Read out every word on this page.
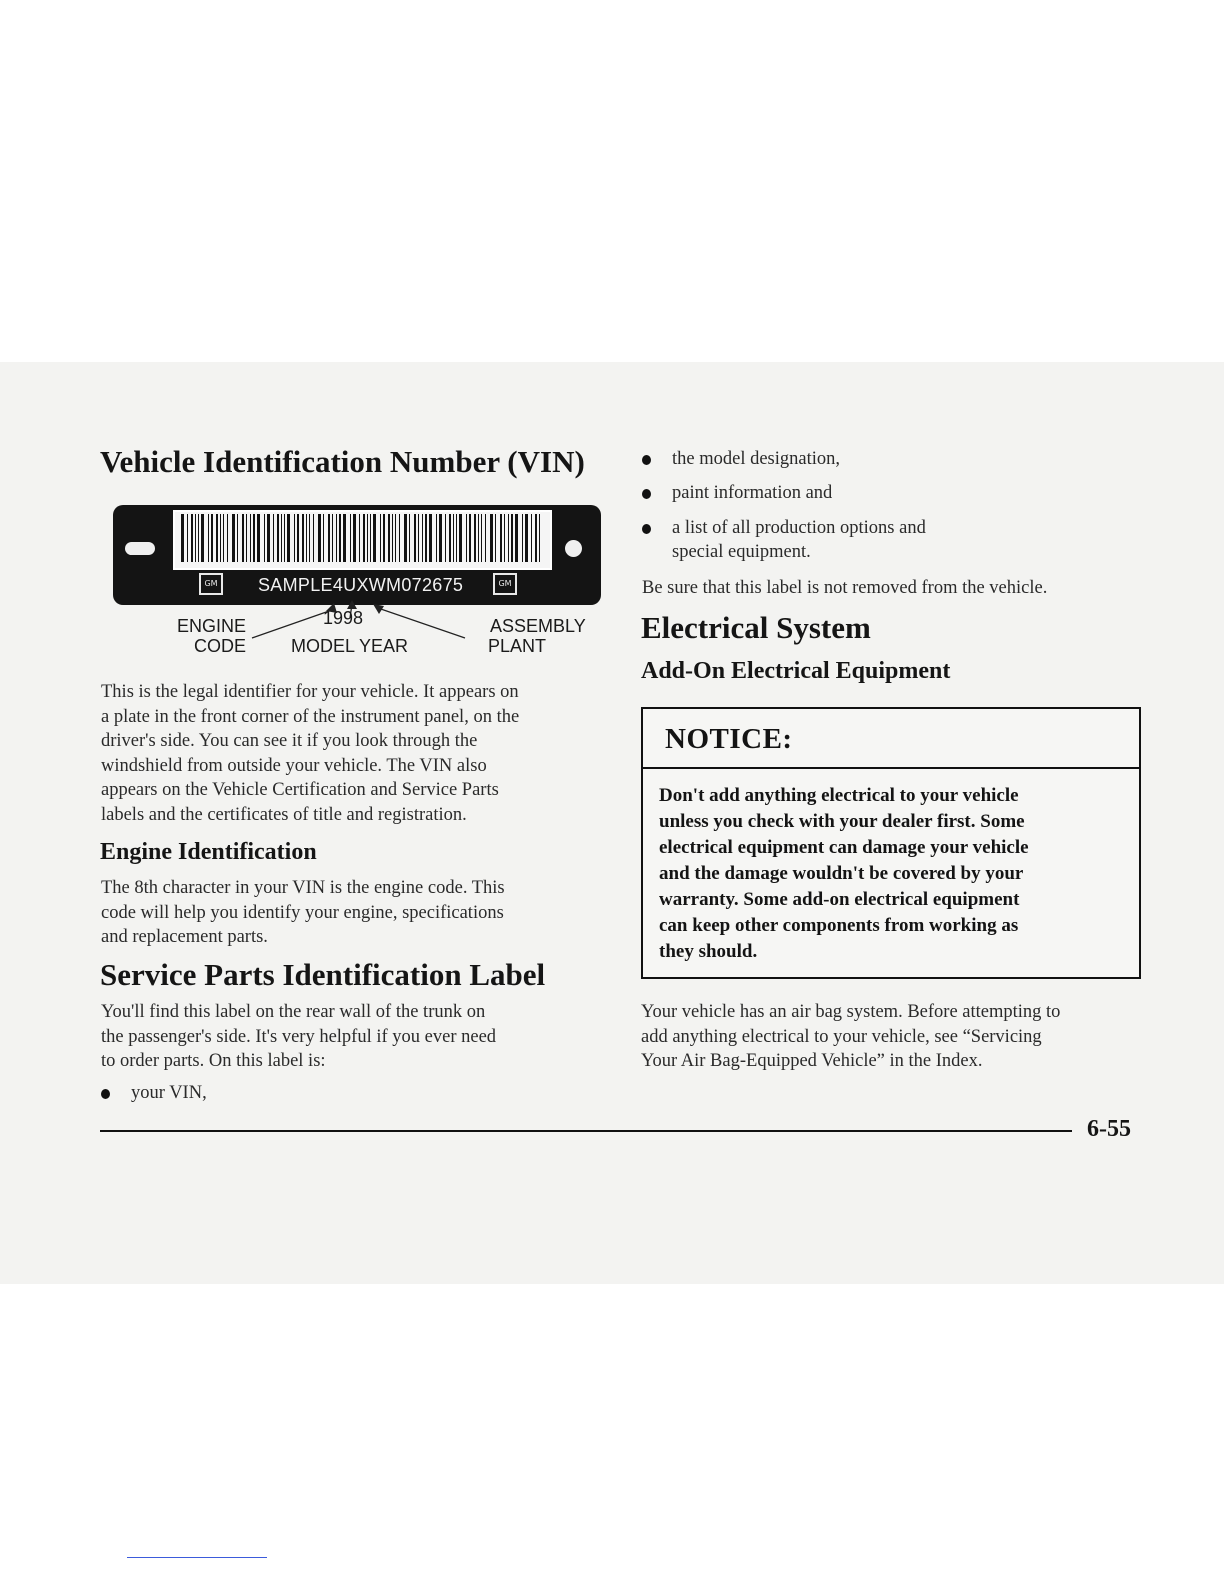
Vehicle Identification Number (VIN)
GM	SAMPLE4UXWM072675	GM
ENGINE
CODE
1998
MODEL YEAR
ASSEMBLY
PLANT
This is the legal identifier for your vehicle. It appears on
a plate in the front corner of the instrument panel, on the
driver's side. You can see it if you look through the
windshield from outside your vehicle. The VIN also
appears on the Vehicle Certification and Service Parts
labels and the certificates of title and registration.
Engine Identification
The 8th character in your VIN is the engine code. This
code will help you identify your engine, specifications
and replacement parts.
Service Parts Identification Label
You'll find this label on the rear wall of the trunk on
the passenger's side. It's very helpful if you ever need
to order parts. On this label is:
your VIN,
the model designation,
paint information and
a list of all production options and
special equipment.
Be sure that this label is not removed from the vehicle.
Electrical System
Add-On Electrical Equipment
NOTICE:
Don't add anything electrical to your vehicle
unless you check with your dealer first. Some
electrical equipment can damage your vehicle
and the damage wouldn't be covered by your
warranty. Some add-on electrical equipment
can keep other components from working as
they should.
Your vehicle has an air bag system. Before attempting to
add anything electrical to your vehicle, see “Servicing
Your Air Bag-Equipped Vehicle” in the Index.
6-55
